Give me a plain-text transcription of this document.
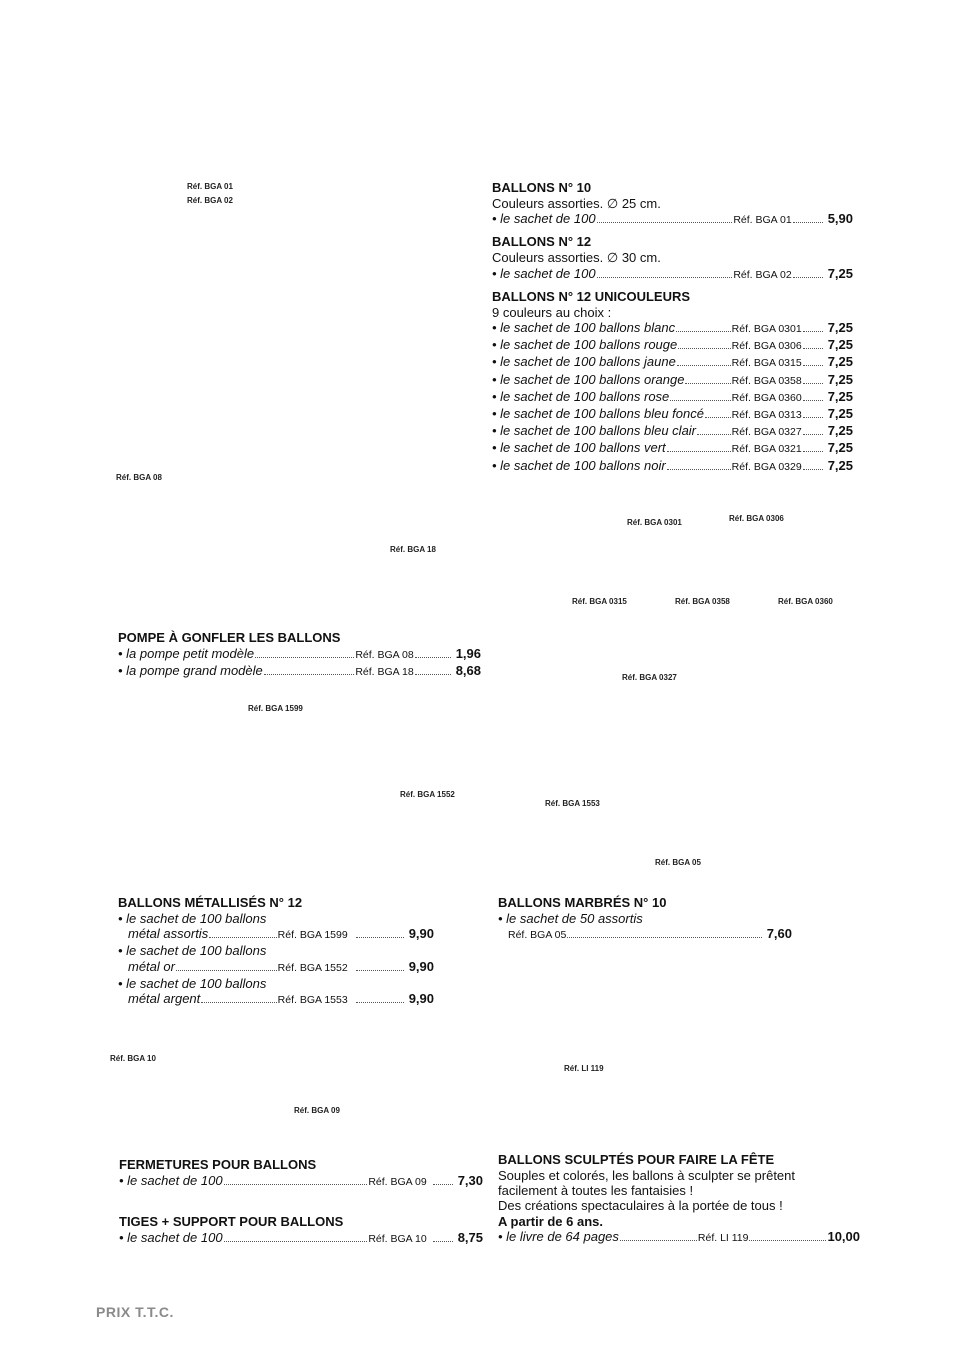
Réf. BGA 01
Réf. BGA 02
Réf. BGA 08
Réf. BGA 18
Réf. BGA 0301	Réf. BGA 0306
Réf. BGA 0315	Réf. BGA 0358	Réf. BGA 0360
Réf. BGA 0327
Réf. BGA 1599
Réf. BGA 1552
Réf. BGA 1553
Réf. BGA 05
Réf. BGA 10
Réf. LI 119
Réf. BGA 09

BALLONS N° 10

Couleurs assorties. ∅ 25 cm.

• le sachet de 100	Réf. BGA 01	5,90

BALLONS N° 12

Couleurs assorties. ∅ 30 cm.

• le sachet de 100	Réf. BGA 02	7,25

BALLONS N° 12 UNICOULEURS

9 couleurs au choix :

• le sachet de 100 ballons blanc	Réf. BGA 0301 7,25
• le sachet de 100 ballons rouge	Réf. BGA 0306 7,25
• le sachet de 100 ballons jaune	Réf. BGA 0315 7,25
• le sachet de 100 ballons orange	Réf. BGA 0358 7,25
• le sachet de 100 ballons rose	Réf. BGA 0360 7,25
• le sachet de 100 ballons bleu foncé	Réf. BGA 0313 7,25
• le sachet de 100 ballons bleu clair	Réf. BGA 0327 7,25
• le sachet de 100 ballons vert	Réf. BGA 0321 7,25
• le sachet de 100 ballons noir	Réf. BGA 0329 7,25

POMPE À GONFLER LES BALLONS

• la pompe petit modèle	Réf. BGA 08	1,96
• la pompe grand modèle	Réf. BGA 18	8,68

BALLONS MÉTALLISÉS N° 12

• le sachet de 100 ballons

métal assortis	Réf. BGA 1599	9,90

• le sachet de 100 ballons

métal or	Réf. BGA 1552	9,90

• le sachet de 100 ballons

métal argent	Réf. BGA 1553	9,90

BALLONS MARBRÉS N° 10

• le sachet de 50 assortis

Réf. BGA 05	7,60

FERMETURES POUR BALLONS

• le sachet de 100	Réf. BGA 09 7,30

TIGES + SUPPORT POUR BALLONS

• le sachet de 100	Réf. BGA 10 8,75

BALLONS SCULPTÉS POUR FAIRE LA FÊTE

Souples et colorés, les ballons à sculpter se prêtent

facilement à toutes les fantaisies !

Des créations spectaculaires à la portée de tous !

A partir de 6 ans.

• le livre de 64 pages	Réf. LI 119	10,00
PRIX T.T.C.
